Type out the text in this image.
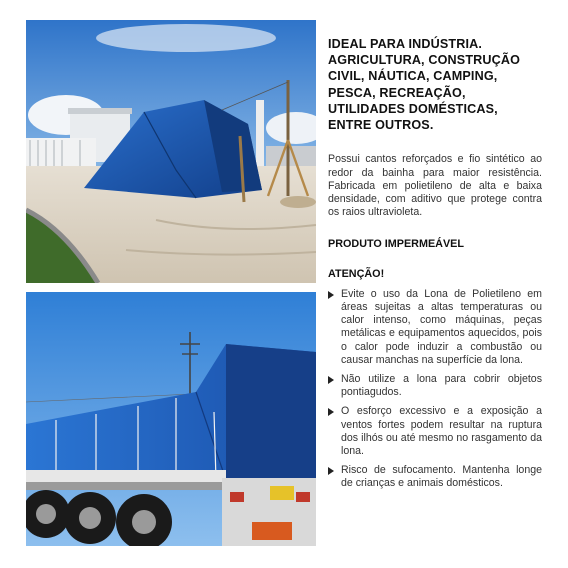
IDEAL PARA INDÚSTRIA.
AGRICULTURA, CONSTRUÇÃO
CIVIL, NÁUTICA, CAMPING,
PESCA, RECREAÇÃO,
UTILIDADES DOMÉSTICAS,
ENTRE OUTROS.

Possui cantos reforçados e fio sintético ao redor da bainha para maior resistência. Fabricada em polietileno de alta e baixa densidade, com aditivo que protege contra os raios ultravioleta.

PRODUTO IMPERMEÁVEL
ATENÇÃO!
Evite o uso da Lona de Polietileno em áreas sujeitas a altas temperaturas ou calor intenso, como máquinas, peças metálicas e equipamentos aquecidos, pois o calor pode induzir a combustão ou causar manchas na superfície da lona.
Não utilize a lona para cobrir objetos pontiagudos.
O esforço excessivo e a exposição a ventos fortes podem resultar na ruptura dos ilhós ou até mesmo no rasgamento da lona.
Risco de sufocamento. Mantenha longe de crianças e animais domésticos.
